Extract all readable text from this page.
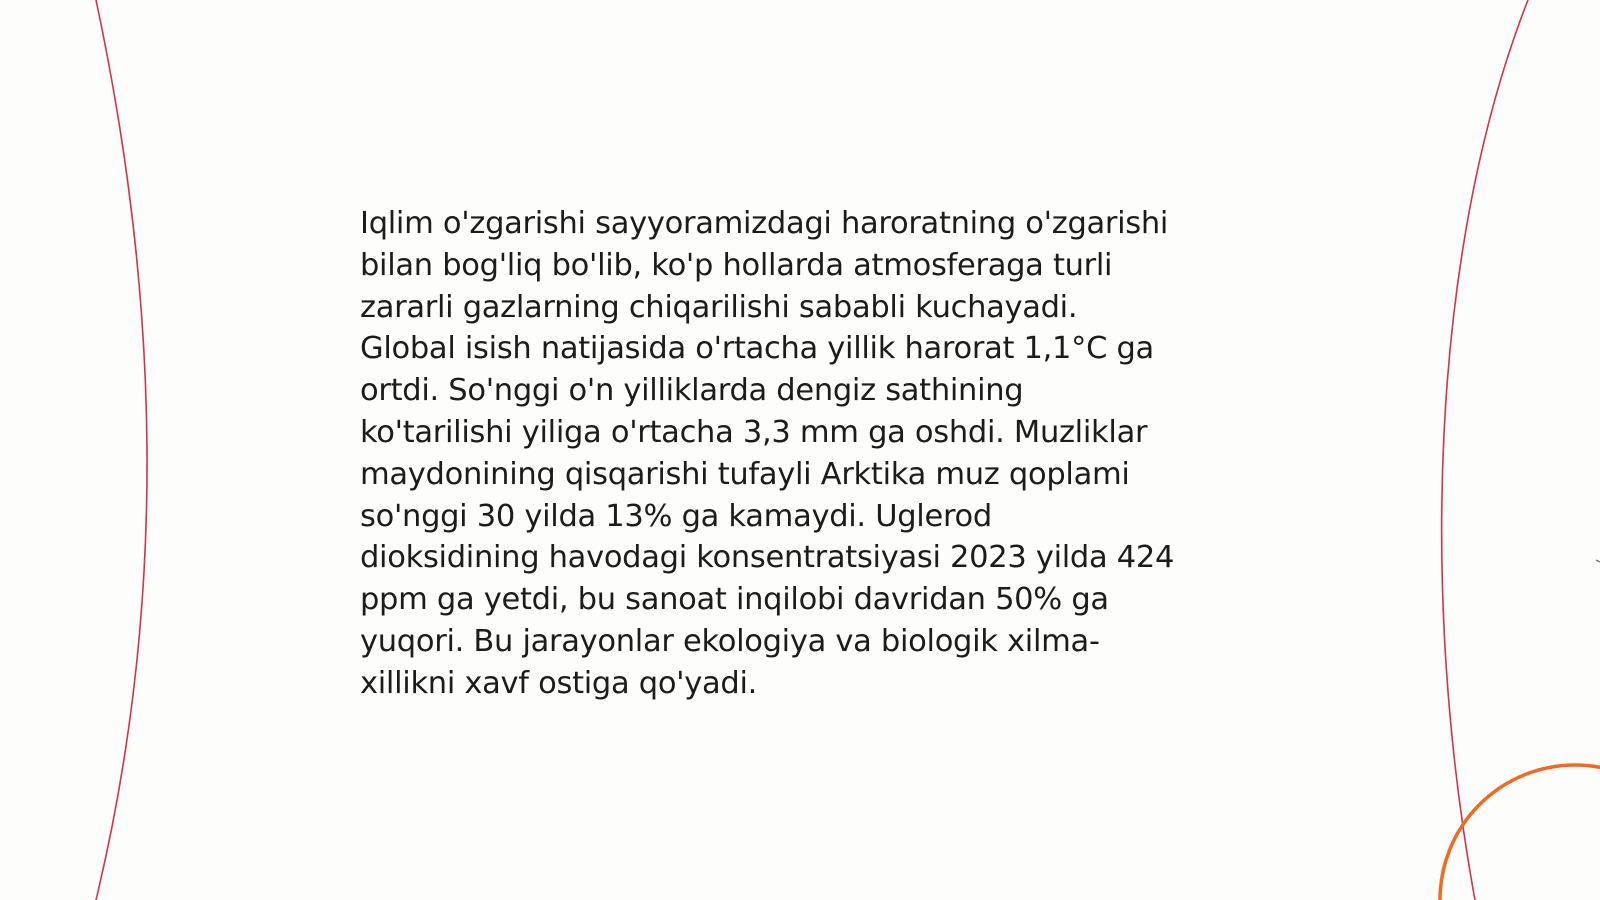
Iqlim o'zgarishi sayyoramizdagi haroratning o'zgarishi
bilan bog'liq bo'lib, ko'p hollarda atmosferaga turli
zararli gazlarning chiqarilishi sababli kuchayadi.
Global isish natijasida o'rtacha yillik harorat 1,1°C ga
ortdi. So'nggi o'n yilliklarda dengiz sathining
ko'tarilishi yiliga o'rtacha 3,3 mm ga oshdi. Muzliklar
maydonining qisqarishi tufayli Arktika muz qoplami
so'nggi 30 yilda 13% ga kamaydi. Uglerod
dioksidining havodagi konsentratsiyasi 2023 yilda 424
ppm ga yetdi, bu sanoat inqilobi davridan 50% ga
yuqori. Bu jarayonlar ekologiya va biologik xilma-
xillikni xavf ostiga qo'yadi.
